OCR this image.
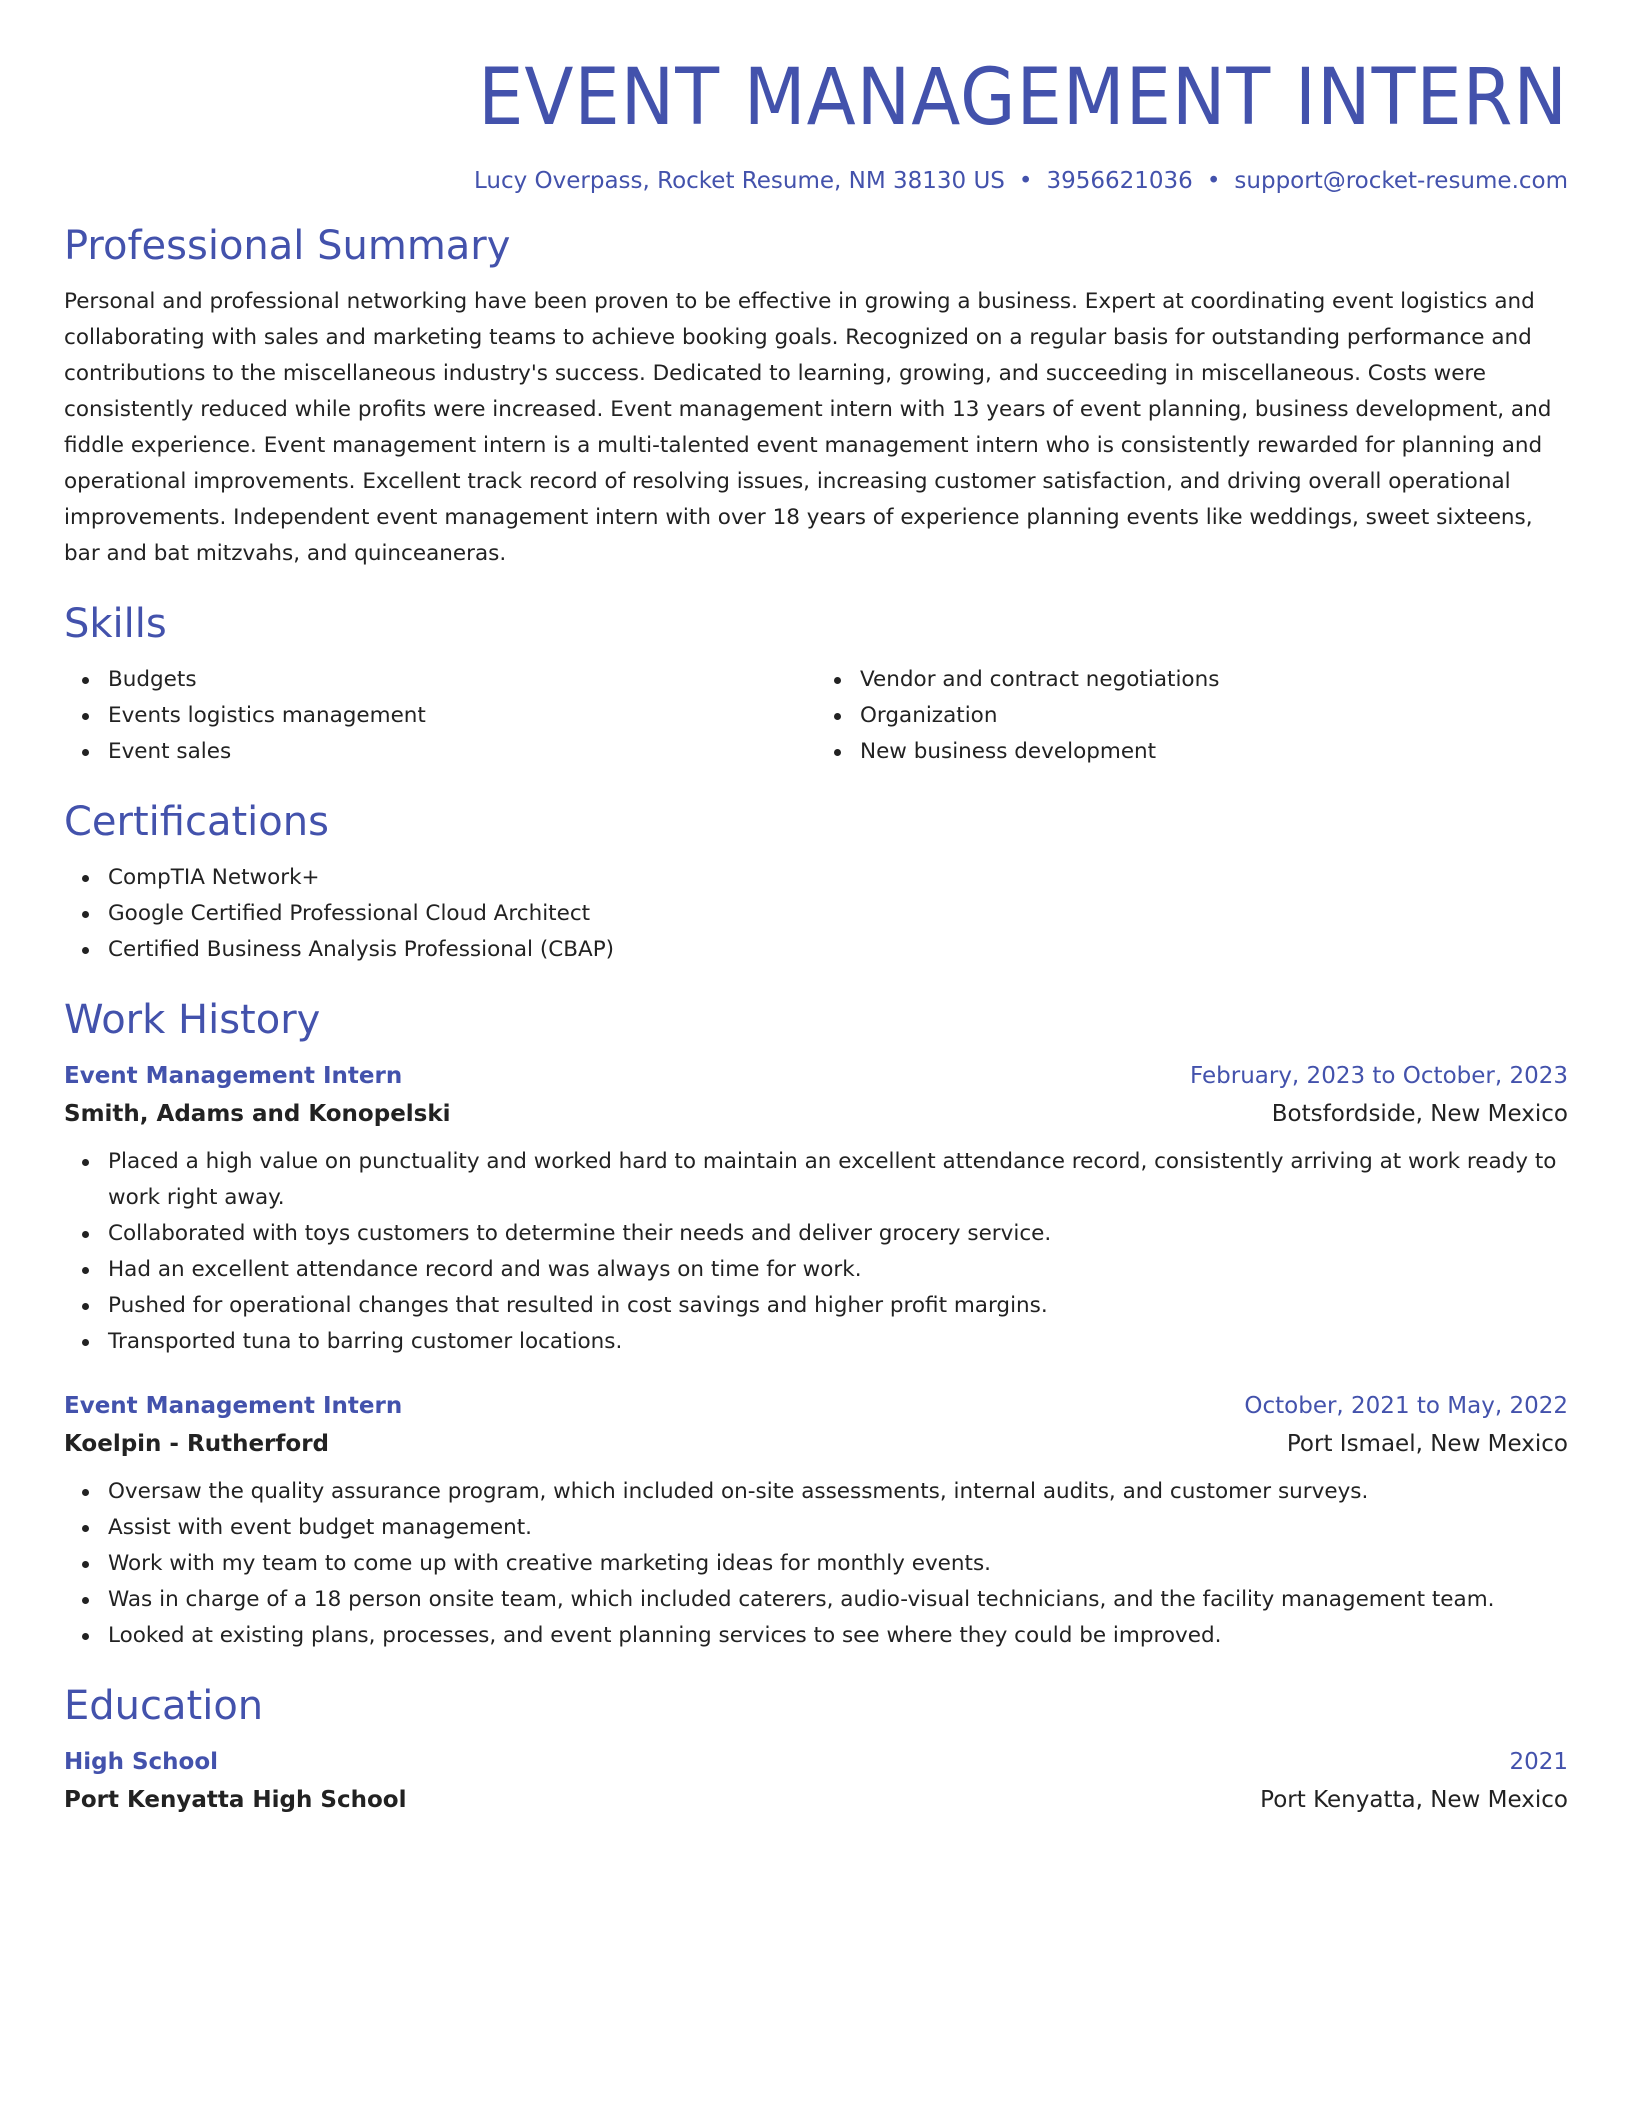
EVENT MANAGEMENT INTERN
Lucy Overpass, Rocket Resume, NM 38130 US • 3956621036 • support@rocket-resume.com
Professional Summary

Personal and professional networking have been proven to be effective in growing a business. Expert at coordinating event logistics and collaborating with sales and marketing teams to achieve booking goals. Recognized on a regular basis for outstanding performance and contributions to the miscellaneous industry's success. Dedicated to learning, growing, and succeeding in miscellaneous. Costs were consistently reduced while profits were increased. Event management intern with 13 years of event planning, business development, and fiddle experience. Event management intern is a multi-talented event management intern who is consistently rewarded for planning and operational improvements. Excellent track record of resolving issues, increasing customer satisfaction, and driving overall operational improvements. Independent event management intern with over 18 years of experience planning events like weddings, sweet sixteens, bar and bat mitzvahs, and quinceaneras.

Skills
Budgets
Events logistics management
Event sales
Vendor and contract negotiations
Organization
New business development
Certifications
CompTIA Network+
Google Certified Professional Cloud Architect
Certified Business Analysis Professional (CBAP)
Work History
Event Management Intern	February, 2023 to October, 2023
Smith, Adams and Konopelski	Botsfordside, New Mexico
Placed a high value on punctuality and worked hard to maintain an excellent attendance record, consistently arriving at work ready to work right away.
Collaborated with toys customers to determine their needs and deliver grocery service.
Had an excellent attendance record and was always on time for work.
Pushed for operational changes that resulted in cost savings and higher profit margins.
Transported tuna to barring customer locations.
Event Management Intern	October, 2021 to May, 2022
Koelpin - Rutherford	Port Ismael, New Mexico
Oversaw the quality assurance program, which included on-site assessments, internal audits, and customer surveys.
Assist with event budget management.
Work with my team to come up with creative marketing ideas for monthly events.
Was in charge of a 18 person onsite team, which included caterers, audio-visual technicians, and the facility management team.
Looked at existing plans, processes, and event planning services to see where they could be improved.
Education
High School	2021
Port Kenyatta High School	Port Kenyatta, New Mexico
